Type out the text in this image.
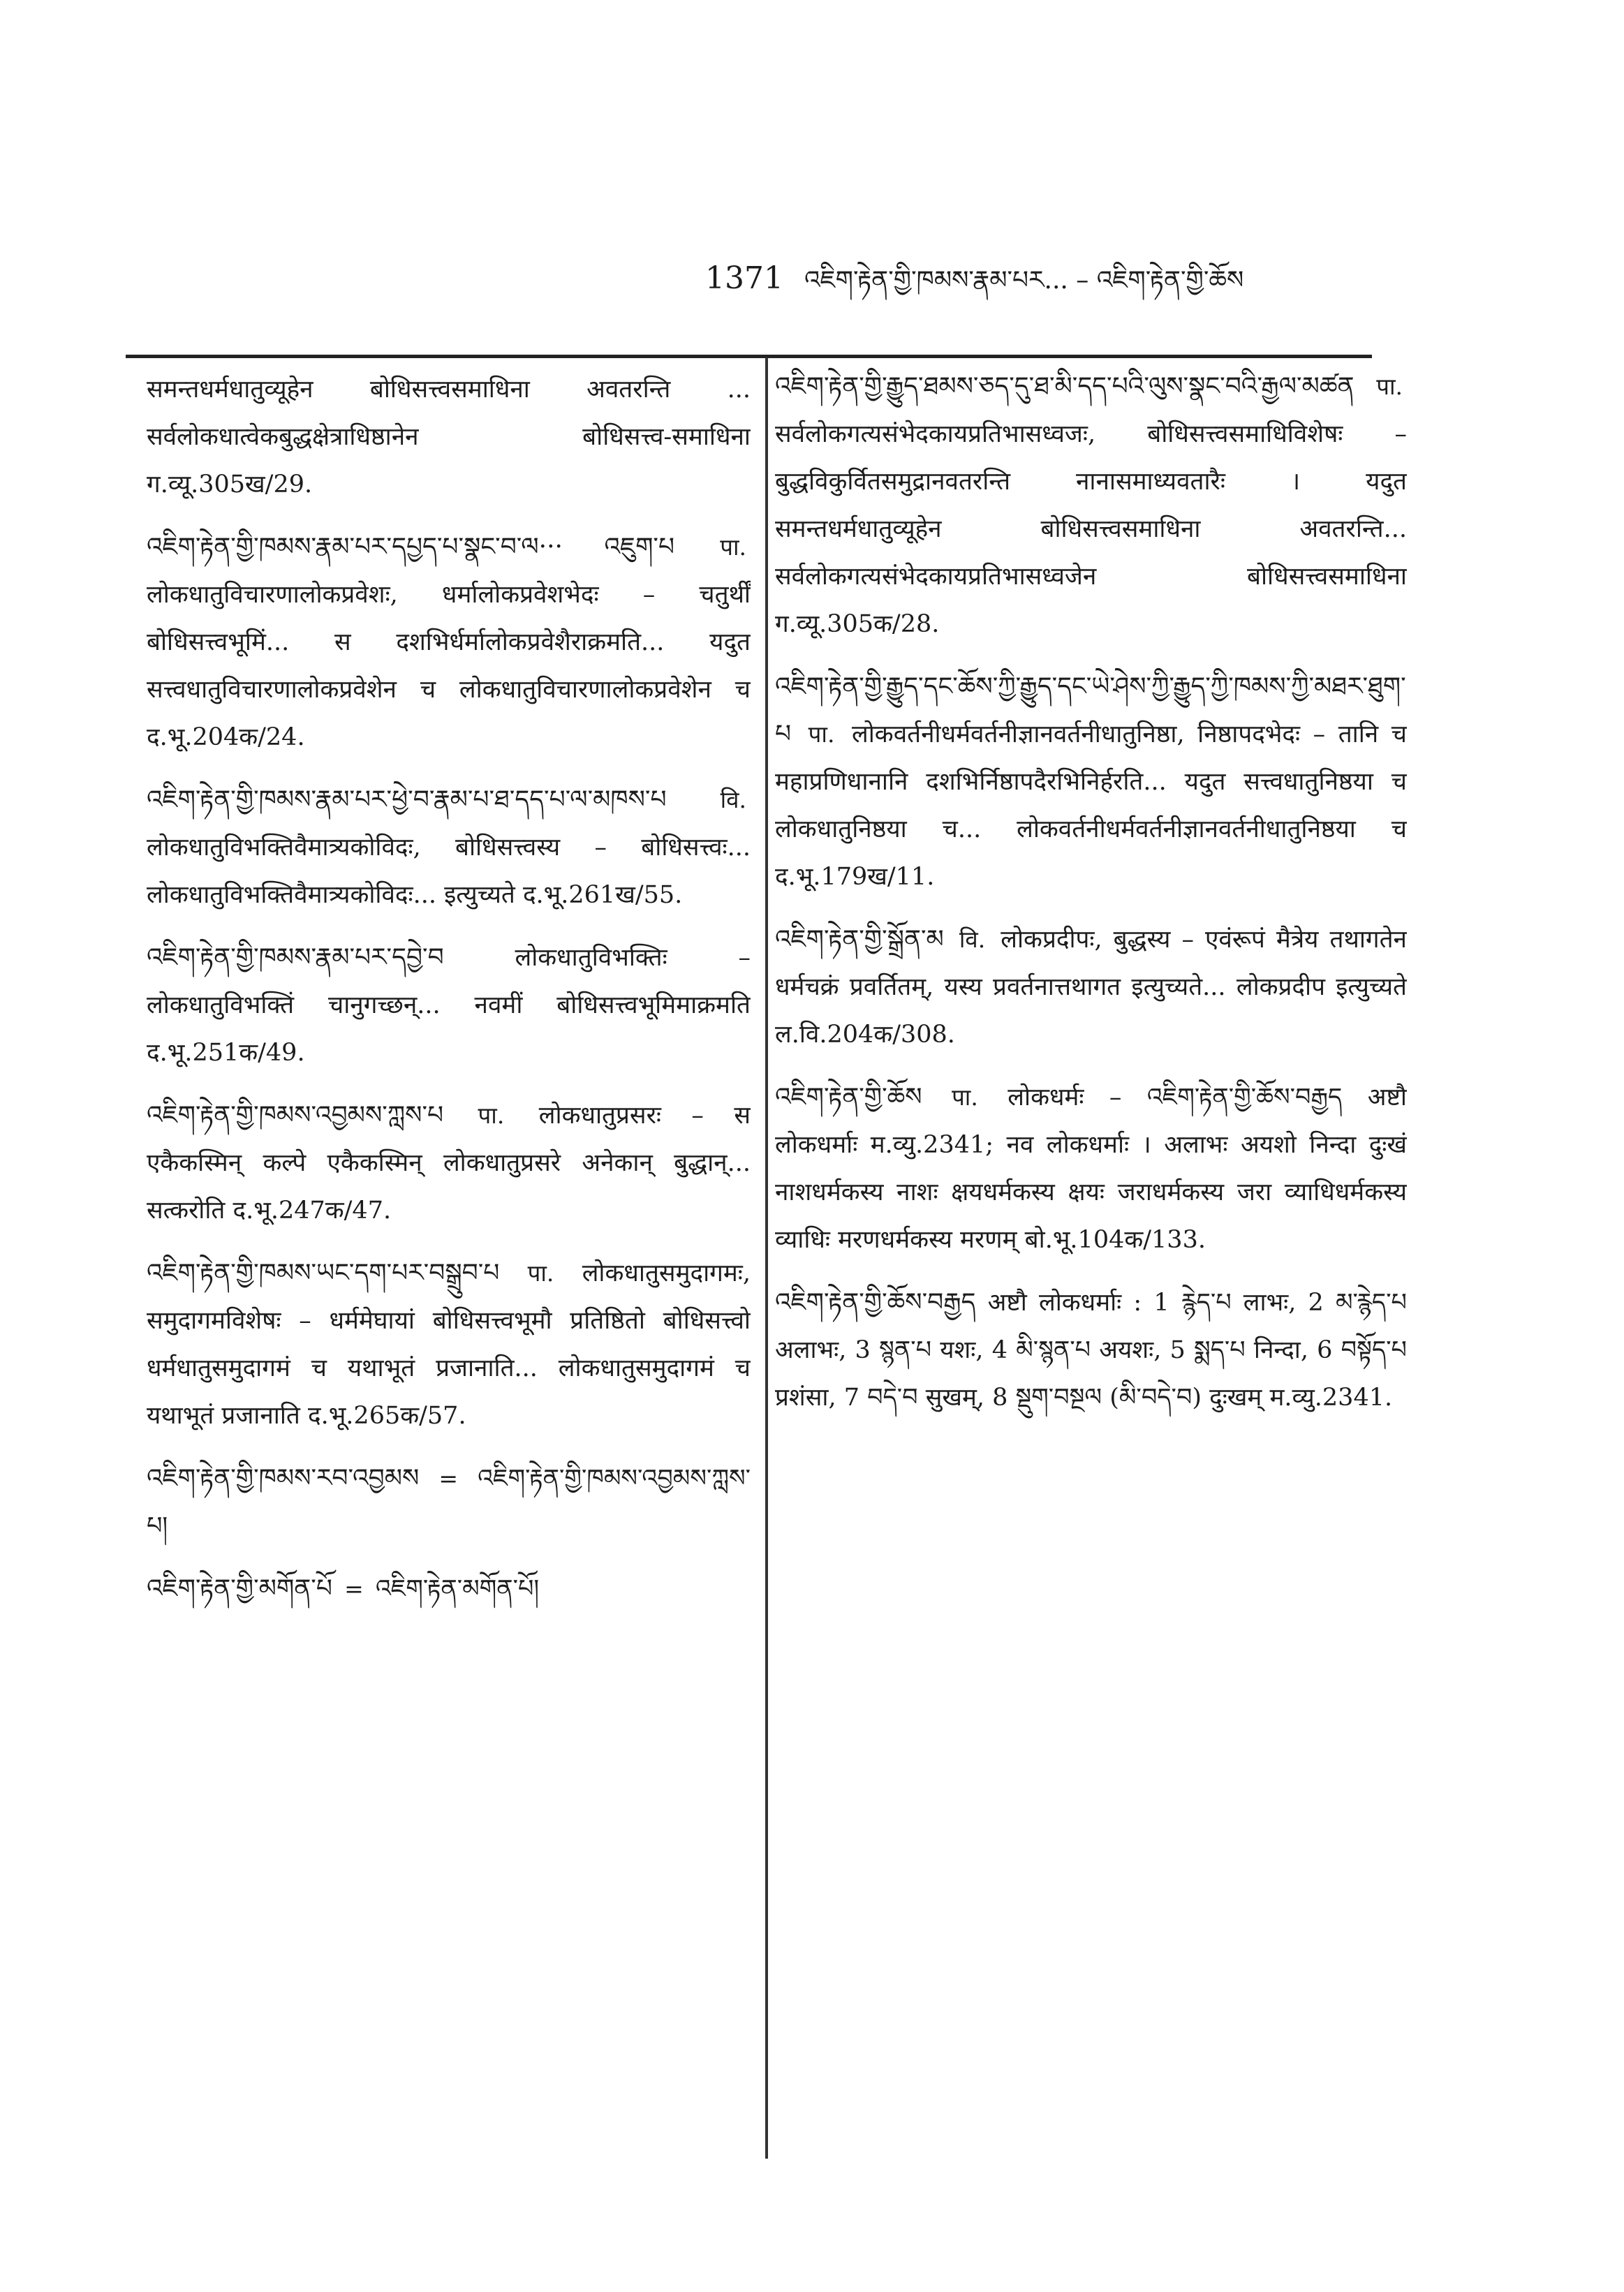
1371 འཇིག་རྟེན་གྱི་ཁམས་རྣམ་པར... – འཇིག་རྟེན་གྱི་ཆོས

समन्तधर्मधातुव्यूहेन बोधिसत्त्वसमाधिना अवतरन्ति ... सर्वलोकधात्वेकबुद्धक्षेत्राधिष्ठानेन बोधिसत्त्व-समाधिना ग.व्यू.305ख/29.

འཇིག་རྟེན་གྱི་ཁམས་རྣམ་པར་དཔྱད་པ་སྣང་བ་ལ··· འཇུག་པ पा. लोकधातुविचारणालोकप्रवेशः, धर्मालोकप्रवेशभेदः – चतुर्थीं बोधिसत्त्वभूमिं... स दशभिर्धर्मालोकप्रवेशैराक्रमति... यदुत सत्त्वधातुविचारणालोकप्रवेशेन च लोकधातुविचारणालोकप्रवेशेन च द.भू.204क/24.

འཇིག་རྟེན་གྱི་ཁམས་རྣམ་པར་ཕྱེ་བ་རྣམ་པ་ཐ་དད་པ་ལ་མཁས་པ वि. लोकधातुविभक्तिवैमात्र्यकोविदः, बोधिसत्त्वस्य – बोधिसत्त्वः... लोकधातुविभक्तिवैमात्र्यकोविदः... इत्युच्यते द.भू.261ख/55.

འཇིག་རྟེན་གྱི་ཁམས་རྣམ་པར་དབྱེ་བ	लोकधातुविभक्तिः – लोकधातुविभक्तिं चानुगच्छन्... नवमीं बोधिसत्त्वभूमिमाक्रमति द.भू.251क/49.

འཇིག་རྟེན་གྱི་ཁམས་འབྱམས་ཀླས་པ पा. लोकधातुप्रसरः – स एकैकस्मिन् कल्पे एकैकस्मिन् लोकधातुप्रसरे अनेकान् बुद्धान्... सत्करोति द.भू.247क/47.

འཇིག་རྟེན་གྱི་ཁམས་ཡང་དག་པར་བསྒྲུབ་པ पा. लोकधातुसमुदागमः, समुदागमविशेषः – धर्ममेघायां बोधिसत्त्वभूमौ प्रतिष्ठितो बोधिसत्त्वो धर्मधातुसमुदागमं च यथाभूतं प्रजानाति... लोकधातुसमुदागमं च यथाभूतं प्रजानाति द.भू.265क/57.

འཇིག་རྟེན་གྱི་ཁམས་རབ་འབྱམས = འཇིག་རྟེན་གྱི་ཁམས་འབྱམས་ཀླས་པ།

འཇིག་རྟེན་གྱི་མགོན་པོ = འཇིག་རྟེན་མགོན་པོ།

འཇིག་རྟེན་གྱི་རྒྱུད་ཐམས་ཅད་དུ་ཐ་མི་དད་པའི་ལུས་སྣང་བའི་རྒྱལ་མཚན पा. सर्वलोकगत्यसंभेदकायप्रतिभासध्वजः, बोधिसत्त्वसमाधिविशेषः – बुद्धविकुर्वितसमुद्रानवतरन्ति नानासमाध्यवतारैः । यदुत समन्तधर्मधातुव्यूहेन बोधिसत्त्वसमाधिना अवतरन्ति... सर्वलोकगत्यसंभेदकायप्रतिभासध्वजेन बोधिसत्त्वसमाधिना ग.व्यू.305क/28.

འཇིག་རྟེན་གྱི་རྒྱུད་དང་ཆོས་ཀྱི་རྒྱུད་དང་ཡེ་ཤེས་ཀྱི་རྒྱུད་ཀྱི་ཁམས་ཀྱི་མཐར་ཐུག་པ पा. लोकवर्तनीधर्मवर्तनीज्ञानवर्तनीधातुनिष्ठा, निष्ठापदभेदः – तानि च महाप्रणिधानानि दशभिर्निष्ठापदैरभिनिर्हरति... यदुत सत्त्वधातुनिष्ठया च लोकधातुनिष्ठया च... लोकवर्तनीधर्मवर्तनीज्ञानवर्तनीधातुनिष्ठया च द.भू.179ख/11.

འཇིག་རྟེན་གྱི་སྒྲོན་མ वि. लोकप्रदीपः, बुद्धस्य – एवंरूपं मैत्रेय तथागतेन धर्मचक्रं प्रवर्तितम्, यस्य प्रवर्तनात्तथागत इत्युच्यते... लोकप्रदीप इत्युच्यते ल.वि.204क/308.

འཇིག་རྟེན་གྱི་ཆོས पा. लोकधर्मः – འཇིག་རྟེན་གྱི་ཆོས་བརྒྱད अष्टौ लोकधर्माः म.व्यु.2341; नव लोकधर्माः । अलाभः अयशो निन्दा दुःखं नाशधर्मकस्य नाशः क्षयधर्मकस्य क्षयः जराधर्मकस्य जरा व्याधिधर्मकस्य व्याधिः मरणधर्मकस्य मरणम् बो.भू.104क/133.

འཇིག་རྟེན་གྱི་ཆོས་བརྒྱད अष्टौ लोकधर्माः : 1 རྙེད་པ लाभः, 2 མ་རྙེད་པ अलाभः, 3 སྙན་པ यशः, 4 མི་སྙན་པ अयशः, 5 སྨད་པ निन्दा, 6 བསྟོད་པ प्रशंसा, 7 བདེ་བ सुखम्, 8 སྡུག་བསྔལ (མི་བདེ་བ) दुःखम् म.व्यु.2341.
